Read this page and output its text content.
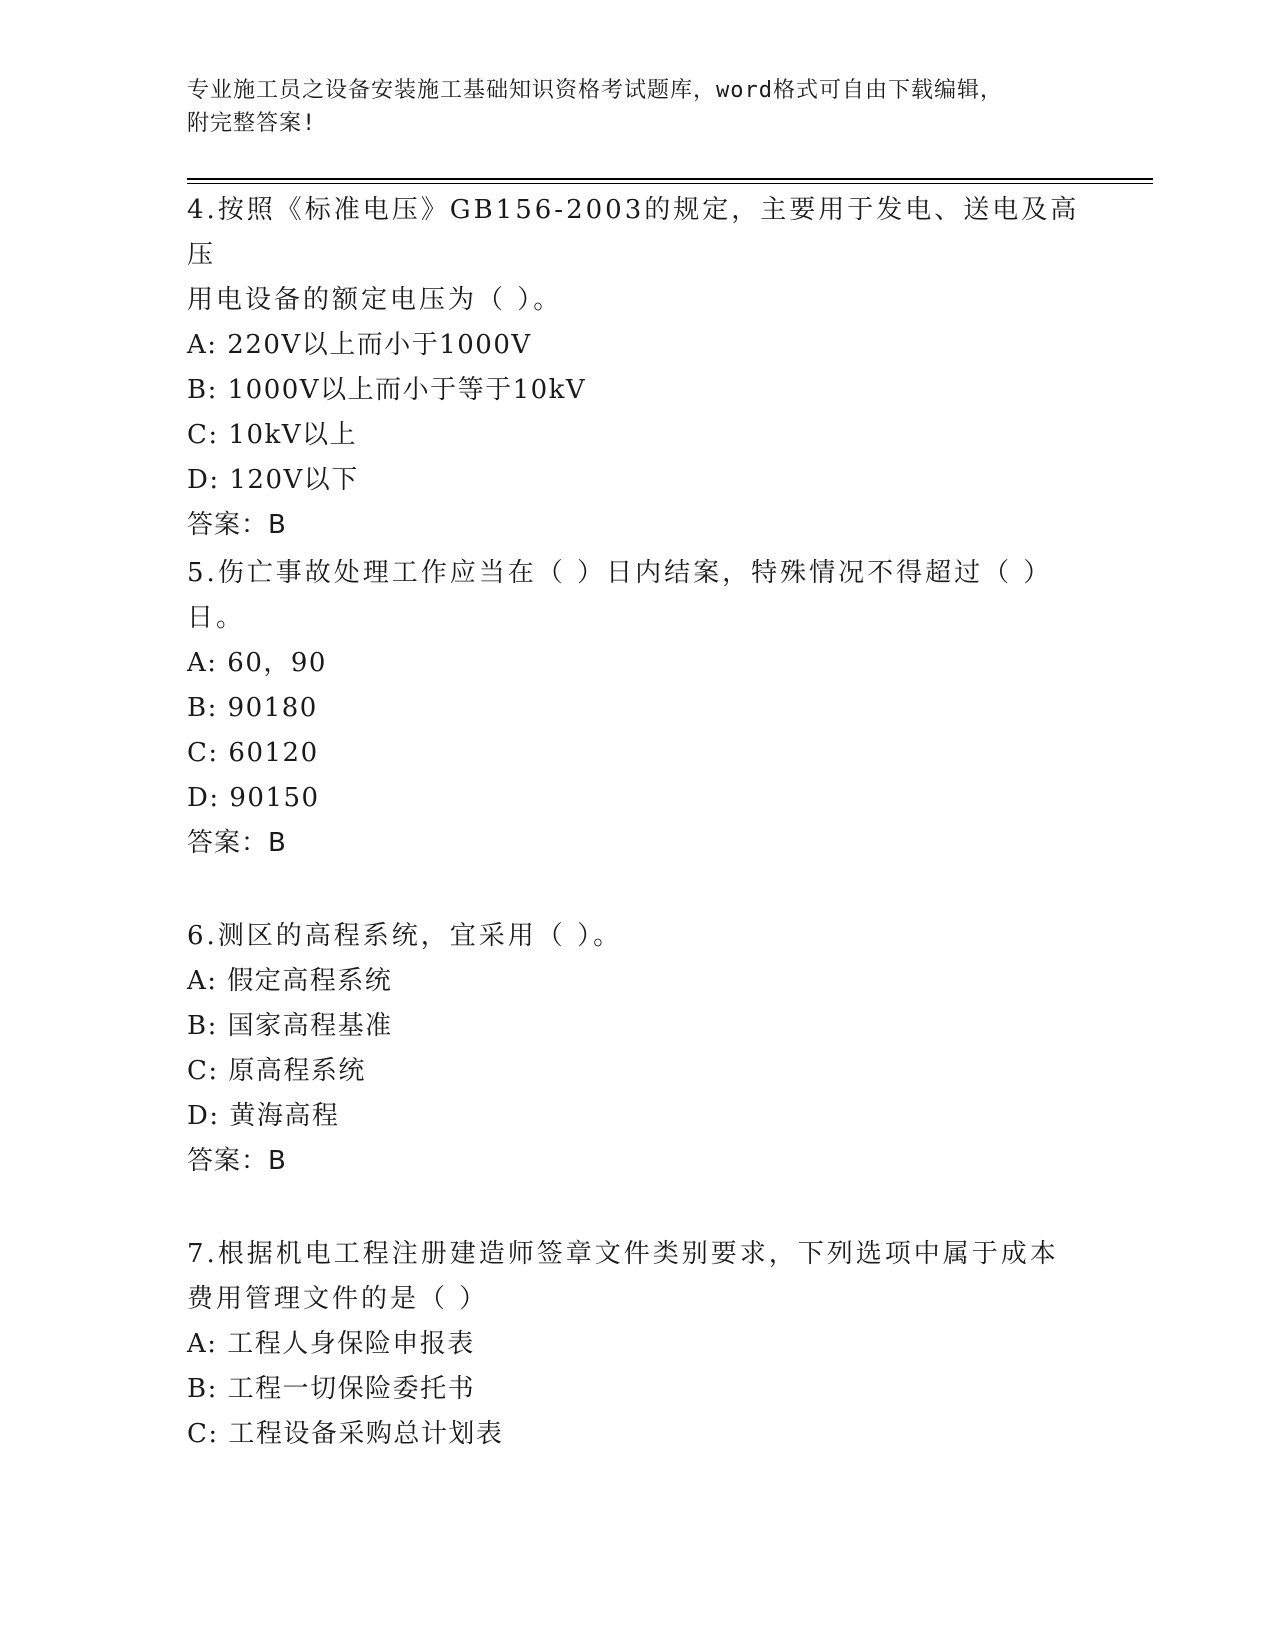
专业施工员之设备安装施工基础知识资格考试题库，word格式可自由下载编辑，
附完整答案!

4.按照《标准电压》GB156-2003的规定，主要用于发电、送电及高压

用电设备的额定电压为（ ）。

A: 220V以上而小于1000V

B: 1000V以上而小于等于10kV

C: 10kV以上

D: 120V以下

答案：B

5.伤亡事故处理工作应当在（ ）日内结案，特殊情况不得超过（ ）

日。

A: 60，90

B: 90180

C: 60120

D: 90150

答案：B

6.测区的高程系统，宜采用（ ）。

A: 假定高程系统

B: 国家高程基准

C: 原高程系统

D: 黄海高程

答案：B

7.根据机电工程注册建造师签章文件类别要求，下列选项中属于成本

费用管理文件的是（ ）

A: 工程人身保险申报表

B: 工程一切保险委托书

C: 工程设备采购总计划表
